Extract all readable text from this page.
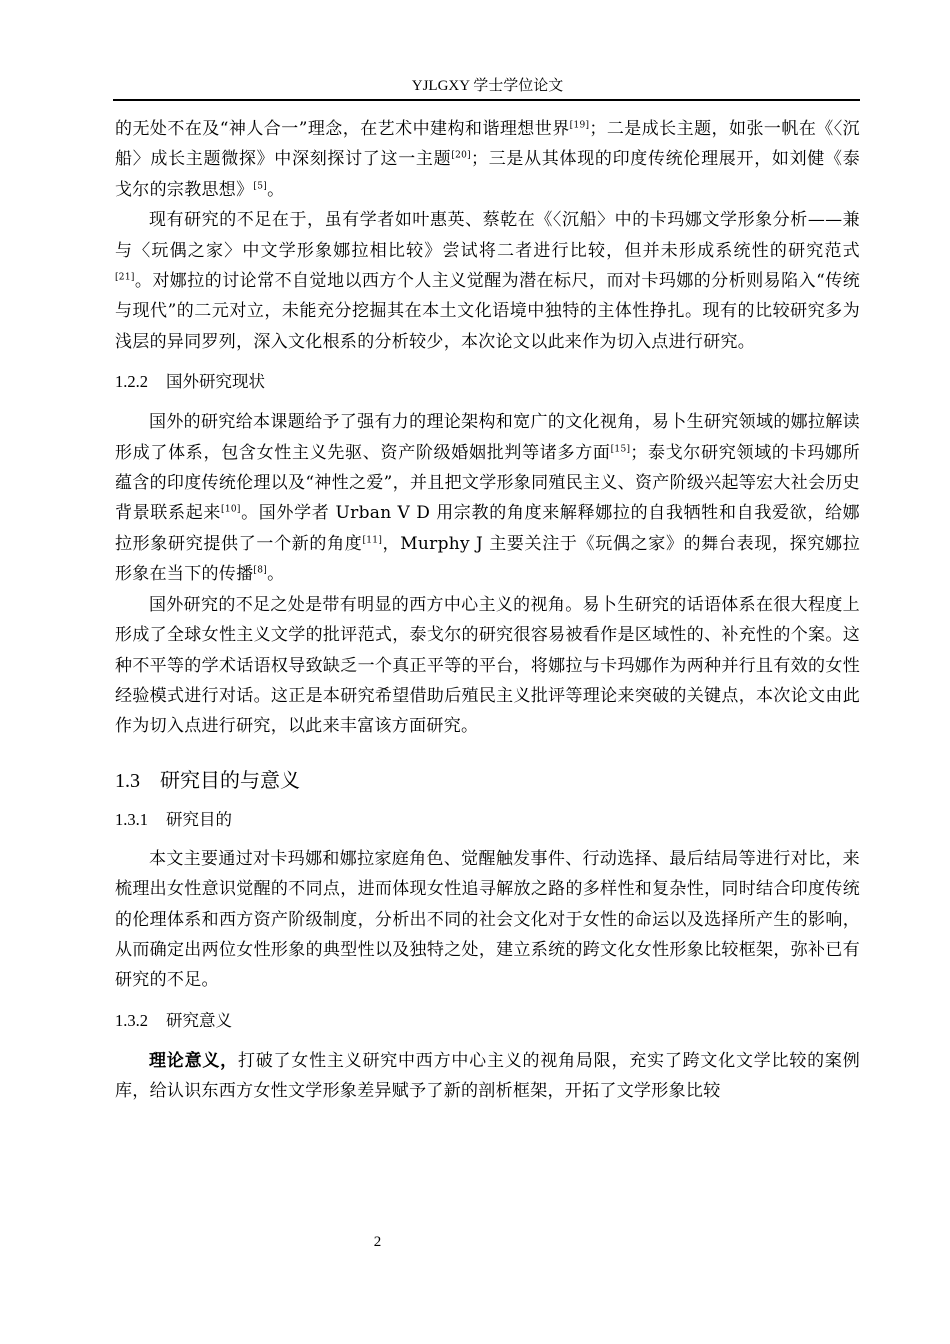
YJLGXY 学士学位论文

的无处不在及“神人合一”理念，在艺术中建构和谐理想世界[19]；二是成长主题，如张一帆在《〈沉船〉成长主题微探》中深刻探讨了这一主题[20]；三是从其体现的印度传统伦理展开，如刘健《泰戈尔的宗教思想》[5]。

现有研究的不足在于，虽有学者如叶惠英、蔡乾在《〈沉船〉中的卡玛娜文学形象分析——兼与〈玩偶之家〉中文学形象娜拉相比较》尝试将二者进行比较，但并未形成系统性的研究范式[21]。对娜拉的讨论常不自觉地以西方个人主义觉醒为潜在标尺，而对卡玛娜的分析则易陷入“传统与现代”的二元对立，未能充分挖掘其在本土文化语境中独特的主体性挣扎。现有的比较研究多为浅层的异同罗列，深入文化根系的分析较少，本次论文以此来作为切入点进行研究。

1.2.2 国外研究现状

国外的研究给本课题给予了强有力的理论架构和宽广的文化视角，易卜生研究领域的娜拉解读形成了体系，包含女性主义先驱、资产阶级婚姻批判等诸多方面[15]；泰戈尔研究领域的卡玛娜所蕴含的印度传统伦理以及“神性之爱”，并且把文学形象同殖民主义、资产阶级兴起等宏大社会历史背景联系起来[10]。国外学者 Urban V D 用宗教的角度来解释娜拉的自我牺牲和自我爱欲，给娜拉形象研究提供了一个新的角度[11]，Murphy J 主要关注于《玩偶之家》的舞台表现，探究娜拉形象在当下的传播[8]。

国外研究的不足之处是带有明显的西方中心主义的视角。易卜生研究的话语体系在很大程度上形成了全球女性主义文学的批评范式，泰戈尔的研究很容易被看作是区域性的、补充性的个案。这种不平等的学术话语权导致缺乏一个真正平等的平台，将娜拉与卡玛娜作为两种并行且有效的女性经验模式进行对话。这正是本研究希望借助后殖民主义批评等理论来突破的关键点，本次论文由此作为切入点进行研究，以此来丰富该方面研究。

1.3 研究目的与意义
1.3.1 研究目的

本文主要通过对卡玛娜和娜拉家庭角色、觉醒触发事件、行动选择、最后结局等进行对比，来梳理出女性意识觉醒的不同点，进而体现女性追寻解放之路的多样性和复杂性，同时结合印度传统的伦理体系和西方资产阶级制度，分析出不同的社会文化对于女性的命运以及选择所产生的影响，从而确定出两位女性形象的典型性以及独特之处，建立系统的跨文化女性形象比较框架，弥补已有研究的不足。

1.3.2 研究意义

理论意义，打破了女性主义研究中西方中心主义的视角局限，充实了跨文化文学比较的案例库，给认识东西方女性文学形象差异赋予了新的剖析框架，开拓了文学形象比较

2
